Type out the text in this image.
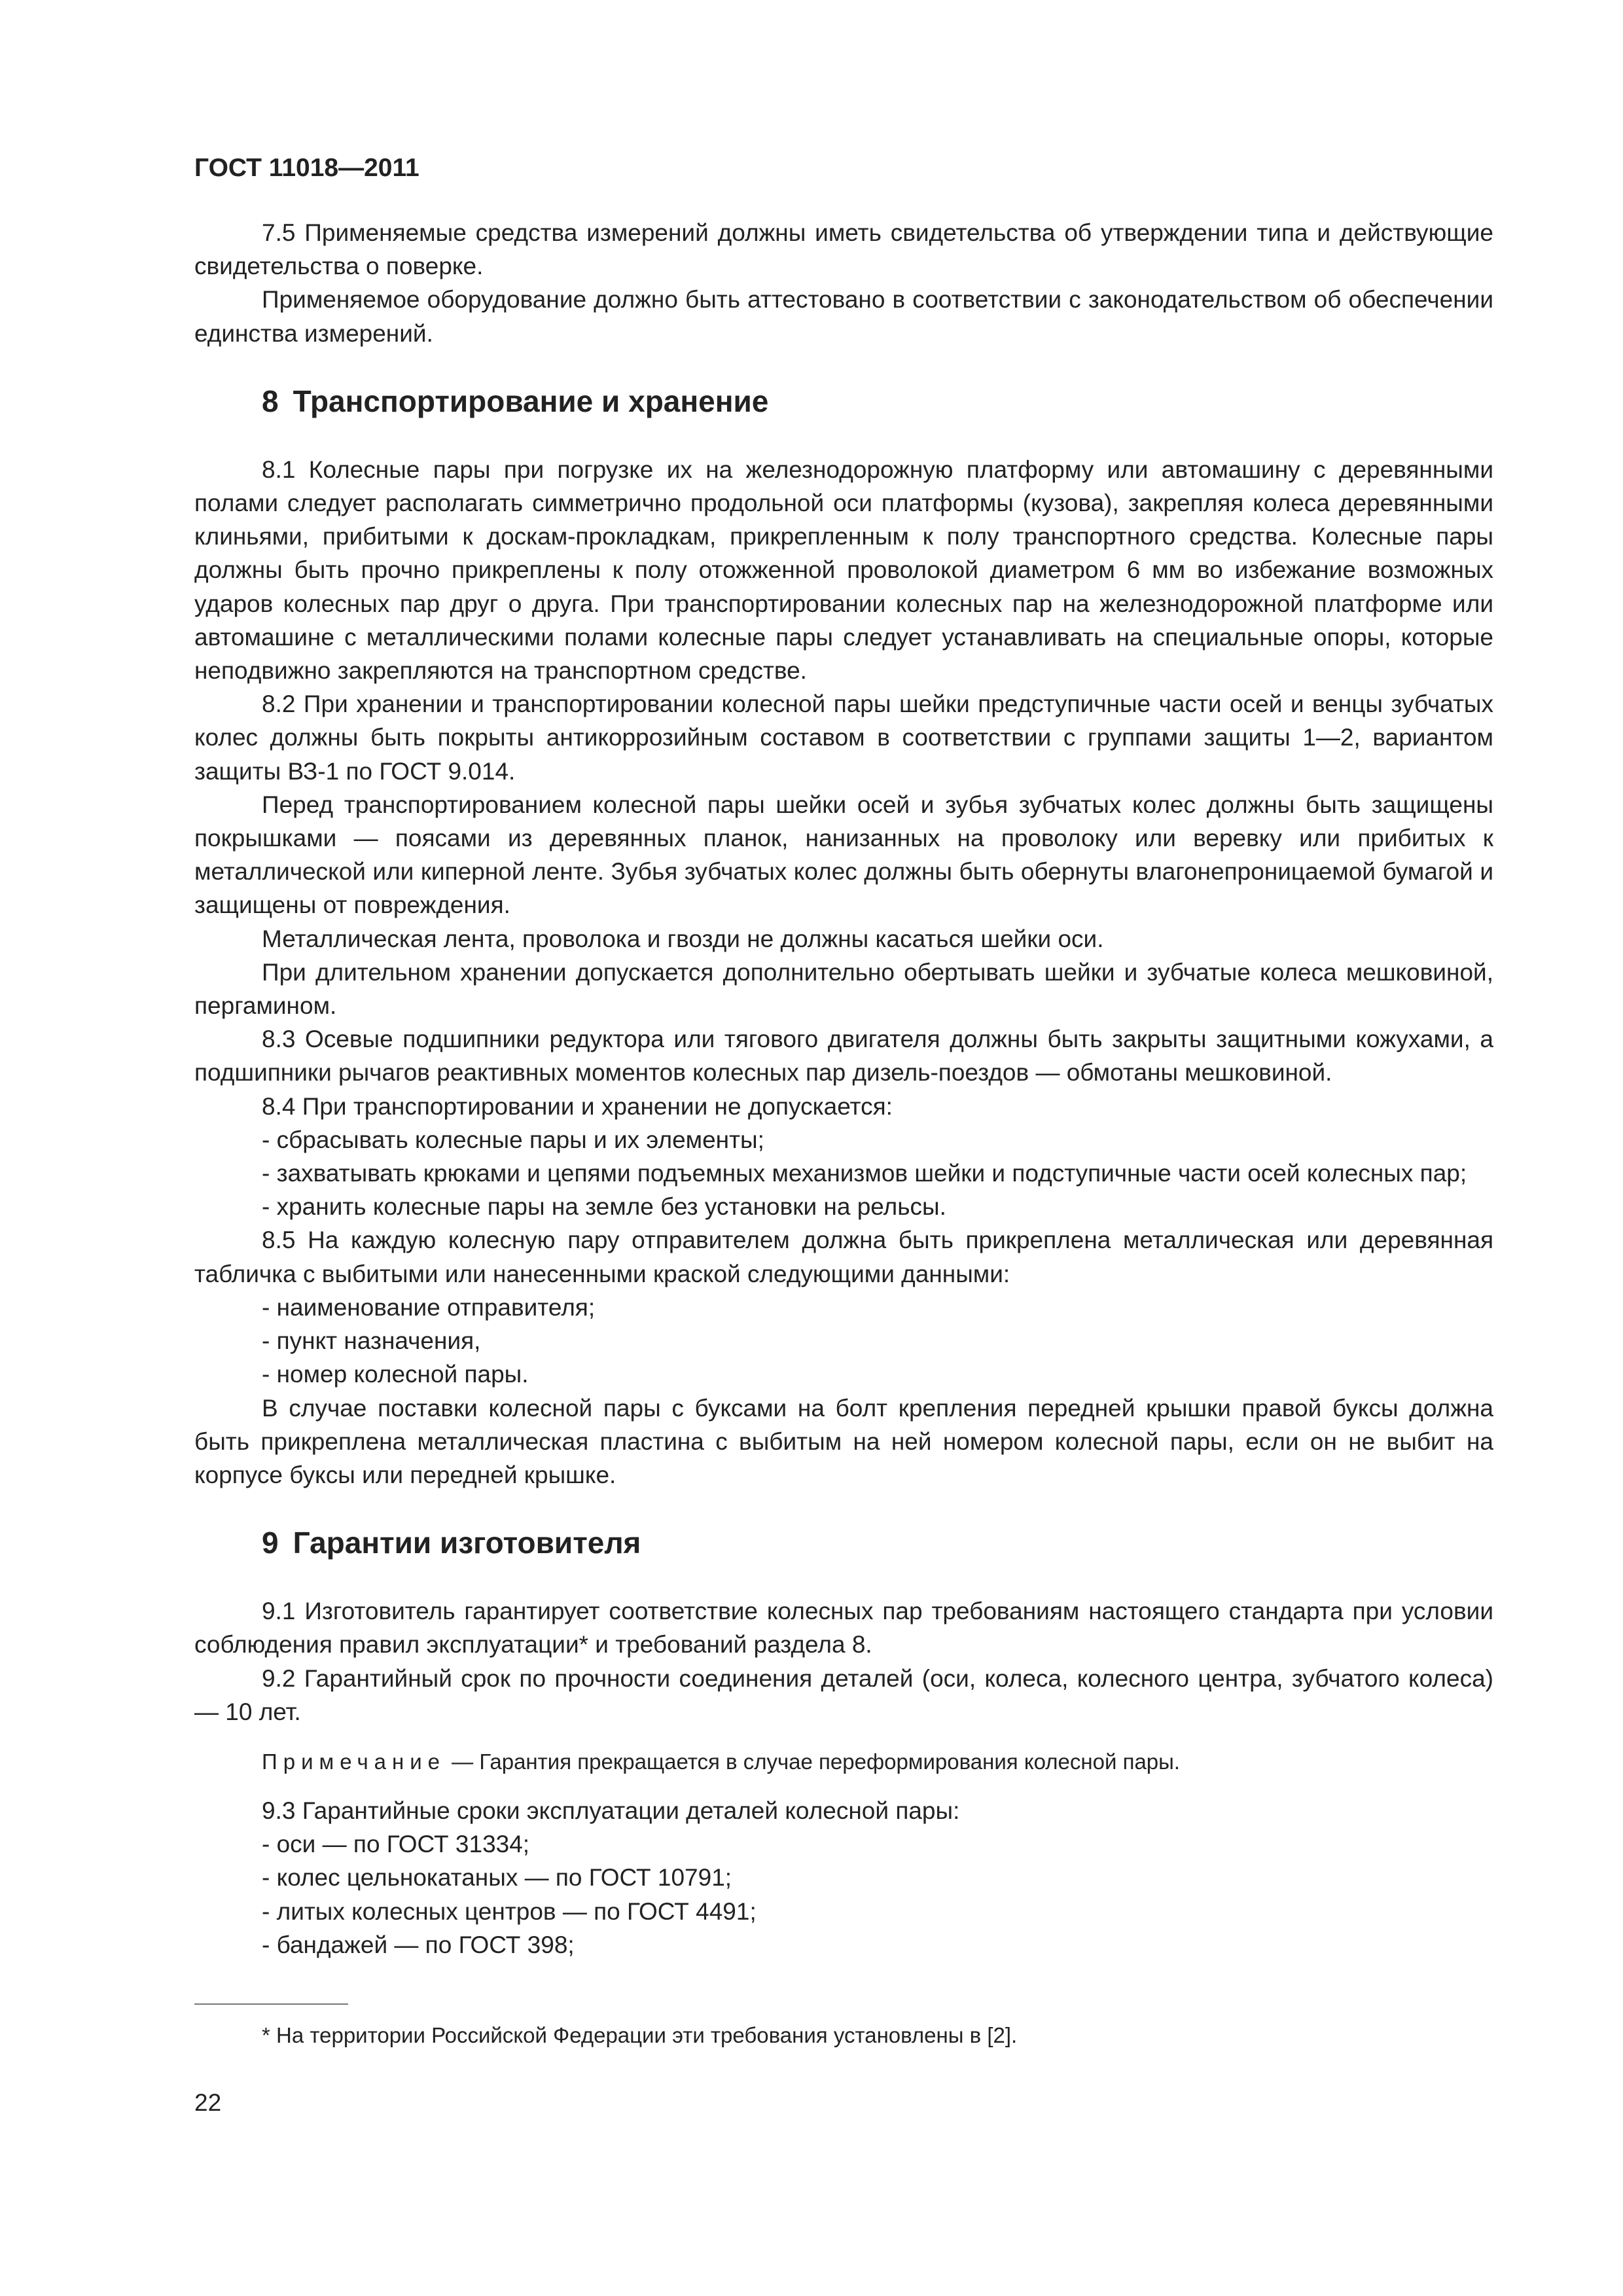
ГОСТ 11018—2011

7.5 Применяемые средства измерений должны иметь свидетельства об утверждении типа и действующие свидетельства о поверке.

Применяемое оборудование должно быть аттестовано в соответствии с законодательством об обеспечении единства измерений.

8 Транспортирование и хранение

8.1 Колесные пары при погрузке их на железнодорожную платформу или автомашину с деревянными полами следует располагать симметрично продольной оси платформы (кузова), закрепляя колеса деревянными клиньями, прибитыми к доскам-прокладкам, прикрепленным к полу транспортного средства. Колесные пары должны быть прочно прикреплены к полу отожженной проволокой диаметром 6 мм во избежание возможных ударов колесных пар друг о друга. При транспортировании колесных пар на железнодорожной платформе или автомашине с металлическими полами колесные пары следует устанавливать на специальные опоры, которые неподвижно закрепляются на транспортном средстве.

8.2 При хранении и транспортировании колесной пары шейки предступичные части осей и венцы зубчатых колес должны быть покрыты антикоррозийным составом в соответствии с группами защиты 1—2, вариантом защиты ВЗ-1 по ГОСТ 9.014.

Перед транспортированием колесной пары шейки осей и зубья зубчатых колес должны быть защищены покрышками — поясами из деревянных планок, нанизанных на проволоку или веревку или прибитых к металлической или киперной ленте. Зубья зубчатых колес должны быть обернуты влагонепроницаемой бумагой и защищены от повреждения.

Металлическая лента, проволока и гвозди не должны касаться шейки оси.

При длительном хранении допускается дополнительно обертывать шейки и зубчатые колеса мешковиной, пергамином.

8.3 Осевые подшипники редуктора или тягового двигателя должны быть закрыты защитными кожухами, а подшипники рычагов реактивных моментов колесных пар дизель-поездов — обмотаны мешковиной.

8.4 При транспортировании и хранении не допускается:

- сбрасывать колесные пары и их элементы;

- захватывать крюками и цепями подъемных механизмов шейки и подступичные части осей колесных пар;

- хранить колесные пары на земле без установки на рельсы.

8.5 На каждую колесную пару отправителем должна быть прикреплена металлическая или деревянная табличка с выбитыми или нанесенными краской следующими данными:

- наименование отправителя;

- пункт назначения,

- номер колесной пары.

В случае поставки колесной пары с буксами на болт крепления передней крышки правой буксы должна быть прикреплена металлическая пластина с выбитым на ней номером колесной пары, если он не выбит на корпусе буксы или передней крышке.

9 Гарантии изготовителя

9.1 Изготовитель гарантирует соответствие колесных пар требованиям настоящего стандарта при условии соблюдения правил эксплуатации* и требований раздела 8.

9.2 Гарантийный срок по прочности соединения деталей (оси, колеса, колесного центра, зубчатого колеса) — 10 лет.

Примечание — Гарантия прекращается в случае переформирования колесной пары.

9.3 Гарантийные сроки эксплуатации деталей колесной пары:

- оси — по ГОСТ 31334;

- колес цельнокатаных — по ГОСТ 10791;

- литых колесных центров — по ГОСТ 4491;

- бандажей — по ГОСТ 398;

* На территории Российской Федерации эти требования установлены в [2].
22
